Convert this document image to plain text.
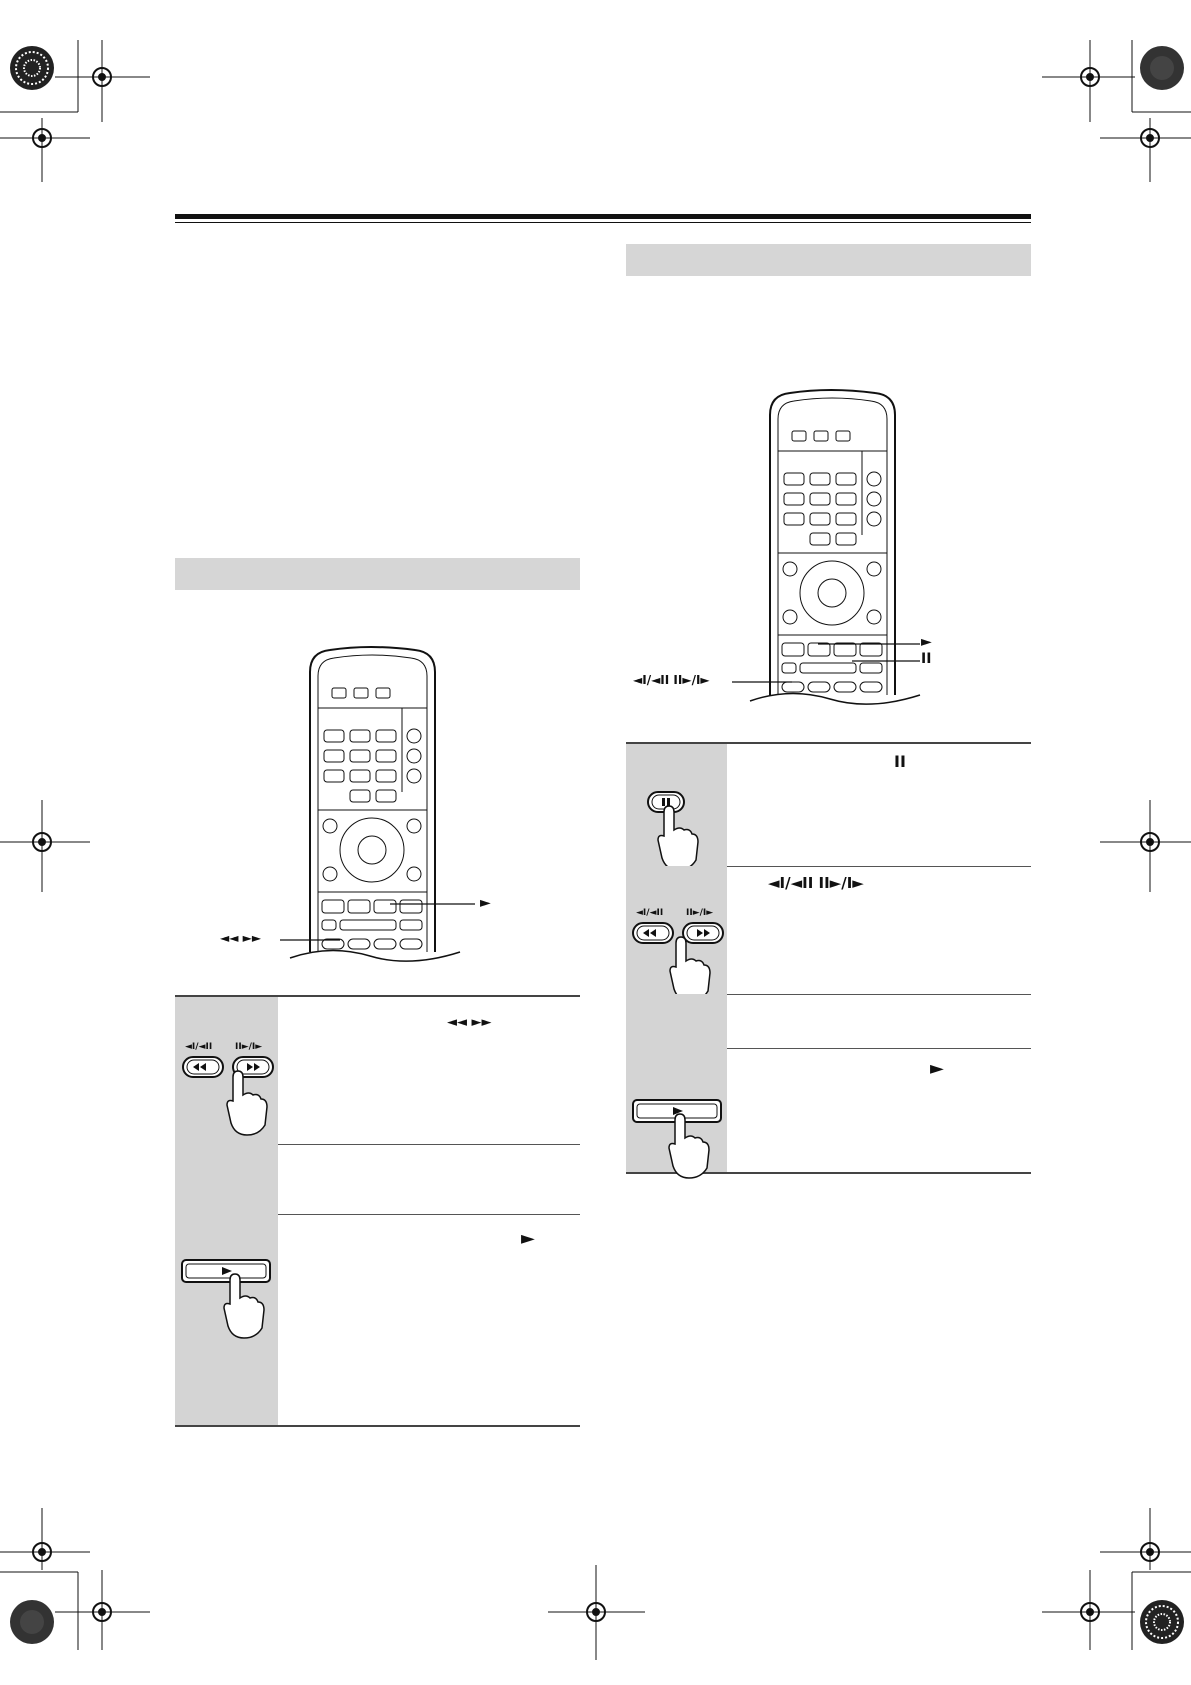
►
II
◄I/◄II II►/I►
►
◄◄ ►►
◄I/◄II	II►/I►
◄◄ ►►
►
II
◄I/◄II	II►/I►
◄I/◄II II►/I►
►
